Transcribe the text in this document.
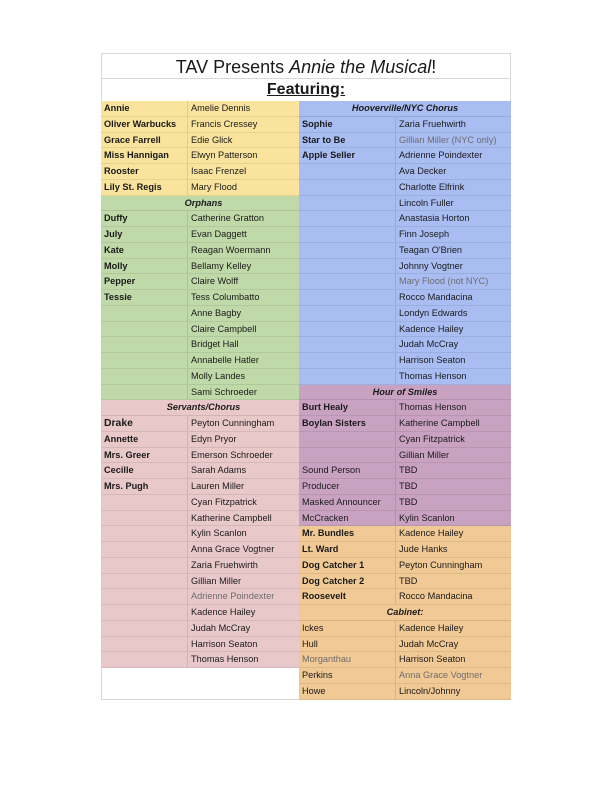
TAV Presents Annie the Musical!
Featuring:
Annie	Amelie Dennis
Oliver Warbucks	Francis Cressey
Grace Farrell	Edie Glick
Miss Hannigan	Elwyn Patterson
Rooster	Isaac Frenzel
Lily St. Regis	Mary Flood
Orphans
Duffy	Catherine Gratton
July	Evan Daggett
Kate	Reagan Woermann
Molly	Bellamy Kelley
Pepper	Claire Wolff
Tessie	Tess Columbatto
Anne Bagby
Claire Campbell
Bridget Hall
Annabelle Hatler
Molly Landes
Sami Schroeder
Servants/Chorus
Drake	Peyton Cunningham
Annette	Edyn Pryor
Mrs. Greer	Emerson Schroeder
Cecille	Sarah Adams
Mrs. Pugh	Lauren Miller
Cyan Fitzpatrick
Katherine Campbell
Kylin Scanlon
Anna Grace Vogtner
Zaria Fruehwirth
Gillian Miller
Adrienne Poindexter
Kadence Hailey
Judah McCray
Harrison Seaton
Thomas Henson
Hooverville/NYC Chorus
Sophie	Zaria Fruehwirth
Star to Be	Gillian Miller (NYC only)
Apple Seller	Adrienne Poindexter
Ava Decker
Charlotte Elfrink
Lincoln Fuller
Anastasia Horton
Finn Joseph
Teagan O'Brien
Johnny Vogtner
Mary Flood (not NYC)
Rocco Mandacina
Londyn Edwards
Kadence Hailey
Judah McCray
Harrison Seaton
Thomas Henson
Hour of Smiles
Burt Healy	Thomas Henson
Boylan Sisters	Katherine Campbell
Cyan Fitzpatrick
Gillian Miller
Sound Person	TBD
Producer	TBD
Masked Announcer	TBD
McCracken	Kylin Scanlon
Mr. Bundles	Kadence Hailey
Lt. Ward	Jude Hanks
Dog Catcher 1	Peyton Cunningham
Dog Catcher 2	TBD
Roosevelt	Rocco Mandacina
Cabinet:
Ickes	Kadence Hailey
Hull	Judah McCray
Morganthau	Harrison Seaton
Perkins	Anna Grace Vogtner
Howe	Lincoln/Johnny
